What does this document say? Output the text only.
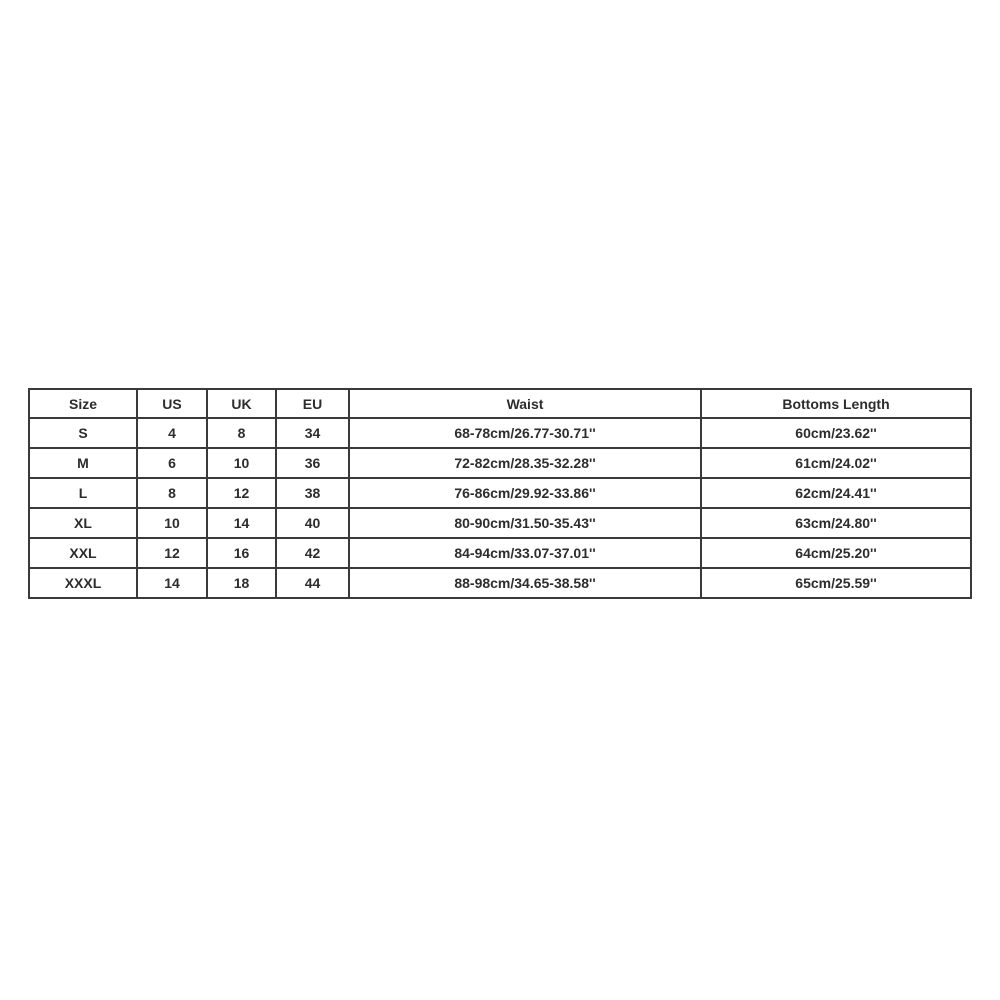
Size	US	UK	EU	Waist	Bottoms Length
S	4	8	34	68-78cm/26.77-30.71''	60cm/23.62''
M	6	10	36	72-82cm/28.35-32.28''	61cm/24.02''
L	8	12	38	76-86cm/29.92-33.86''	62cm/24.41''
XL	10	14	40	80-90cm/31.50-35.43''	63cm/24.80''
XXL	12	16	42	84-94cm/33.07-37.01''	64cm/25.20''
XXXL	14	18	44	88-98cm/34.65-38.58''	65cm/25.59''
